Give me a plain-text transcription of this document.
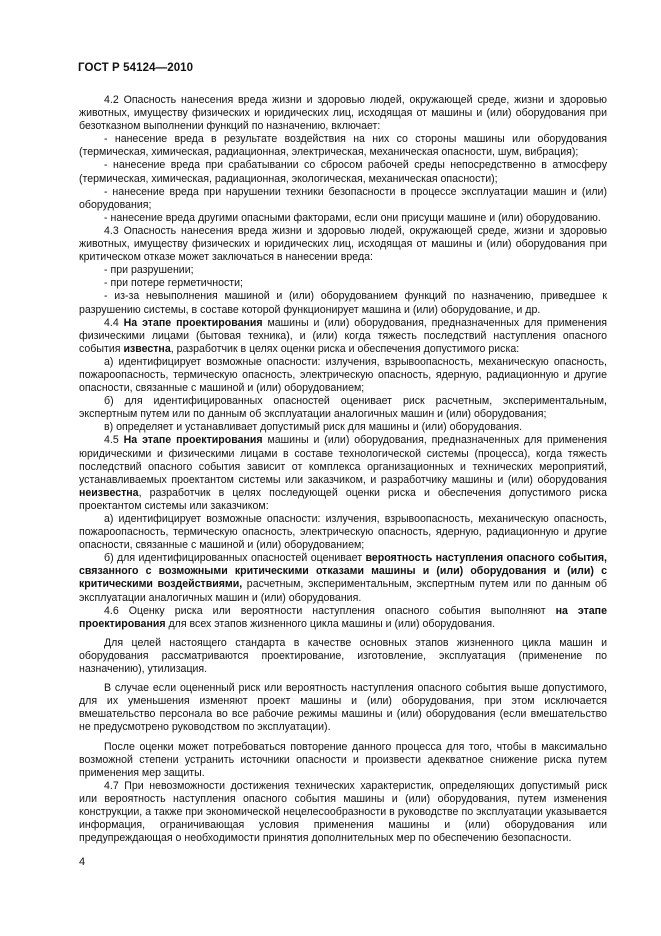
ГОСТ Р 54124—2010

4.2 Опасность нанесения вреда жизни и здоровью людей, окружающей среде, жизни и здоровью животных, имуществу физических и юридических лиц, исходящая от машины и (или) оборудования при безотказном выполнении функций по назначению, включает:

- нанесение вреда в результате воздействия на них со стороны машины или оборудования (термическая, химическая, радиационная, электрическая, механическая опасности, шум, вибрация);

- нанесение вреда при срабатывании со сбросом рабочей среды непосредственно в атмосферу (термическая, химическая, радиационная, экологическая, механическая опасности);

- нанесение вреда при нарушении техники безопасности в процессе эксплуатации машин и (или) оборудования;

- нанесение вреда другими опасными факторами, если они присущи машине и (или) оборудованию.

4.3 Опасность нанесения вреда жизни и здоровью людей, окружающей среде, жизни и здоровью животных, имуществу физических и юридических лиц, исходящая от машины и (или) оборудования при критическом отказе может заключаться в нанесении вреда:

- при разрушении;

- при потере герметичности;

- из-за невыполнения машиной и (или) оборудованием функций по назначению, приведшее к разрушению системы, в составе которой функционирует машина и (или) оборудование, и др.

4.4 На этапе проектирования машины и (или) оборудования, предназначенных для применения физическими лицами (бытовая техника), и (или) когда тяжесть последствий наступления опасного события известна, разработчик в целях оценки риска и обеспечения допустимого риска:

а) идентифицирует возможные опасности: излучения, взрывоопасность, механическую опасность, пожароопасность, термическую опасность, электрическую опасность, ядерную, радиационную и другие опасности, связанные с машиной и (или) оборудованием;

б) для идентифицированных опасностей оценивает риск расчетным, экспериментальным, экспертным путем или по данным об эксплуатации аналогичных машин и (или) оборудования;

в) определяет и устанавливает допустимый риск для машины и (или) оборудования.

4.5 На этапе проектирования машины и (или) оборудования, предназначенных для применения юридическими и физическими лицами в составе технологической системы (процесса), когда тяжесть последствий опасного события зависит от комплекса организационных и технических мероприятий, устанавливаемых проектантом системы или заказчиком, и разработчику машины и (или) оборудования неизвестна, разработчик в целях последующей оценки риска и обеспечения допустимого риска проектантом системы или заказчиком:

а) идентифицирует возможные опасности: излучения, взрывоопасность, механическую опасность, пожароопасность, термическую опасность, электрическую опасность, ядерную, радиационную и другие опасности, связанные с машиной и (или) оборудованием;

б) для идентифицированных опасностей оценивает вероятность наступления опасного события, связанного с возможными критическими отказами машины и (или) оборудования и (или) с критическими воздействиями, расчетным, экспериментальным, экспертным путем или по данным об эксплуатации аналогичных машин и (или) оборудования.

4.6 Оценку риска или вероятности наступления опасного события выполняют на этапе проектирования для всех этапов жизненного цикла машины и (или) оборудования.

Для целей настоящего стандарта в качестве основных этапов жизненного цикла машин и оборудования рассматриваются проектирование, изготовление, эксплуатация (применение по назначению), утилизация.

В случае если оцененный риск или вероятность наступления опасного события выше допустимого, для их уменьшения изменяют проект машины и (или) оборудования, при этом исключается вмешательство персонала во все рабочие режимы машины и (или) оборудования (если вмешательство не предусмотрено руководством по эксплуатации).

После оценки может потребоваться повторение данного процесса для того, чтобы в максимально возможной степени устранить источники опасности и произвести адекватное снижение риска путем применения мер защиты.

4.7 При невозможности достижения технических характеристик, определяющих допустимый риск или вероятность наступления опасного события машины и (или) оборудования, путем изменения конструкции, а также при экономической нецелесообразности в руководстве по эксплуатации указывается информация, ограничивающая условия применения машины и (или) оборудования или предупреждающая о необходимости принятия дополнительных мер по обеспечению безопасности.

4
